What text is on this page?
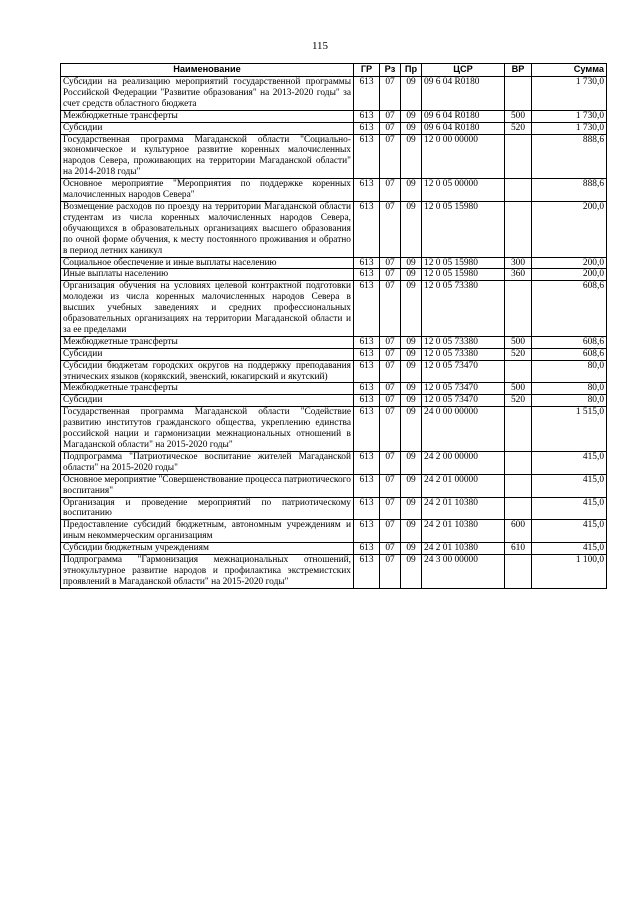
115
Наименование	ГР	Рз	Пр	ЦСР	ВР	Сумма
Субсидии на реализацию мероприятий государственной программы Российской Федерации "Развитие образования" на 2013-2020 годы" за счет средств областного бюджета	613	07	09	09 6 04 R0180		1 730,0
Межбюджетные трансферты	613	07	09	09 6 04 R0180	500	1 730,0
Субсидии	613	07	09	09 6 04 R0180	520	1 730,0
Государственная программа Магаданской области "Социально-экономическое и культурное развитие коренных малочисленных народов Севера, проживающих на территории Магаданской области" на 2014-2018 годы"	613	07	09	12 0 00 00000		888,6
Основное мероприятие "Мероприятия по поддержке коренных малочисленных народов Севера"	613	07	09	12 0 05 00000		888,6
Возмещение расходов по проезду на территории Магаданской области студентам из числа коренных малочисленных народов Севера, обучающихся в образовательных организациях высшего образования по очной форме обучения, к месту постоянного проживания и обратно в период летних каникул	613	07	09	12 0 05 15980		200,0
Социальное обеспечение и иные выплаты населению	613	07	09	12 0 05 15980	300	200,0
Иные выплаты населению	613	07	09	12 0 05 15980	360	200,0
Организация обучения на условиях целевой контрактной подготовки молодежи из числа коренных малочисленных народов Севера в высших учебных заведениях и средних профессиональных образовательных организациях на территории Магаданской области и за ее пределами	613	07	09	12 0 05 73380		608,6
Межбюджетные трансферты	613	07	09	12 0 05 73380	500	608,6
Субсидии	613	07	09	12 0 05 73380	520	608,6
Субсидии бюджетам городских округов на поддержку преподавания этнических языков (корякский, эвенский, юкагирский и якутский)	613	07	09	12 0 05 73470		80,0
Межбюджетные трансферты	613	07	09	12 0 05 73470	500	80,0
Субсидии	613	07	09	12 0 05 73470	520	80,0
Государственная программа Магаданской области "Содействие развитию институтов гражданского общества, укреплению единства российской нации и гармонизации межнациональных отношений в Магаданской области" на 2015-2020 годы"	613	07	09	24 0 00 00000		1 515,0
Подпрограмма "Патриотическое воспитание жителей Магаданской области" на 2015-2020 годы"	613	07	09	24 2 00 00000		415,0
Основное мероприятие "Совершенствование процесса патриотического воспитания"	613	07	09	24 2 01 00000		415,0
Организация и проведение мероприятий по патриотическому воспитанию	613	07	09	24 2 01 10380		415,0
Предоставление субсидий бюджетным, автономным учреждениям и иным некоммерческим организациям	613	07	09	24 2 01 10380	600	415,0
Субсидии бюджетным учреждениям	613	07	09	24 2 01 10380	610	415,0
Подпрограмма "Гармонизация межнациональных отношений, этнокультурное развитие народов и профилактика экстремистских проявлений в Магаданской области" на 2015-2020 годы"	613	07	09	24 3 00 00000		1 100,0
